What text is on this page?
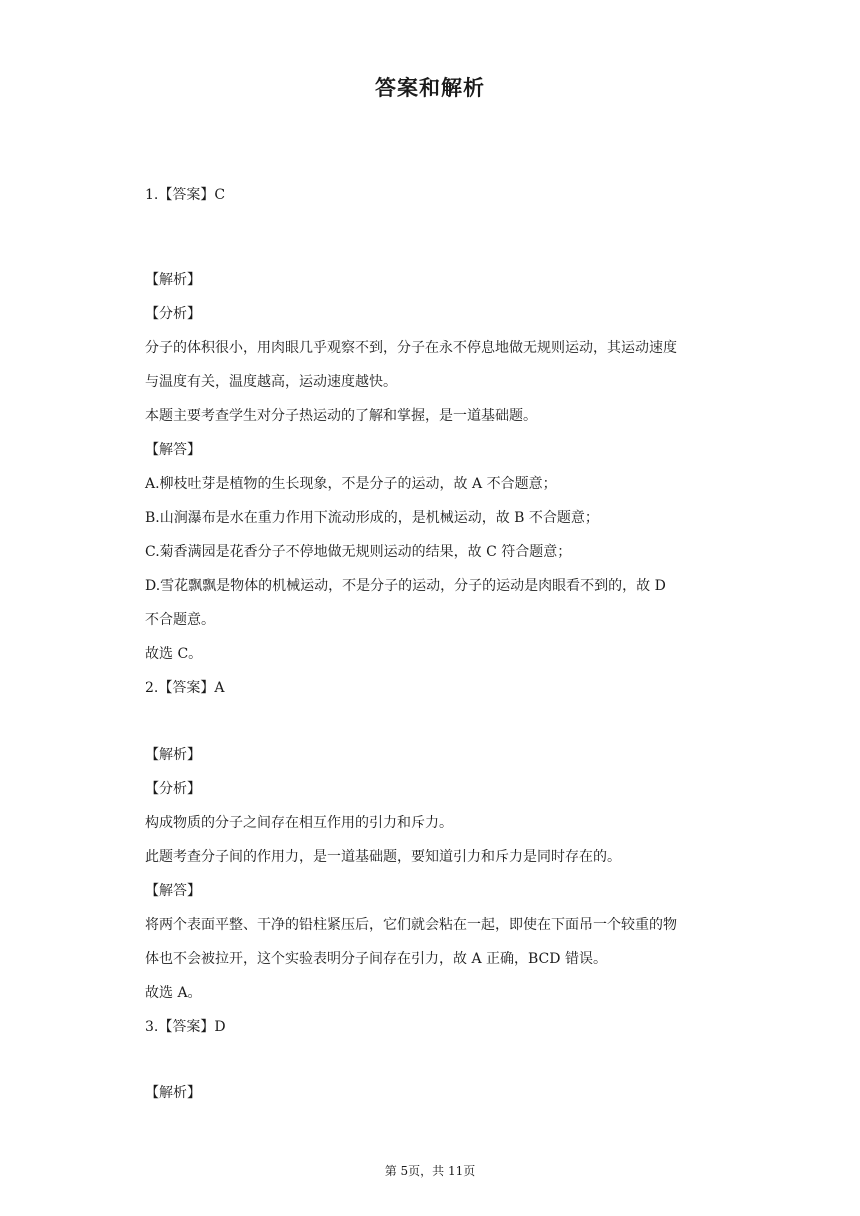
答案和解析
1.【答案】C
【解析】
【分析】
分子的体积很小，用肉眼几乎观察不到，分子在永不停息地做无规则运动，其运动速度
与温度有关，温度越高，运动速度越快。
本题主要考查学生对分子热运动的了解和掌握，是一道基础题。
【解答】
A.柳枝吐芽是植物的生长现象，不是分子的运动，故 A 不合题意；
B.山涧瀑布是水在重力作用下流动形成的，是机械运动，故 B 不合题意；
C.菊香满园是花香分子不停地做无规则运动的结果，故 C 符合题意；
D.雪花飘飘是物体的机械运动，不是分子的运动，分子的运动是肉眼看不到的，故 D
不合题意。
故选 C。
2.【答案】A
【解析】
【分析】
构成物质的分子之间存在相互作用的引力和斥力。
此题考查分子间的作用力，是一道基础题，要知道引力和斥力是同时存在的。
【解答】
将两个表面平整、干净的铅柱紧压后，它们就会粘在一起，即使在下面吊一个较重的物
体也不会被拉开，这个实验表明分子间存在引力，故 A 正确，BCD 错误。
故选 A。
3.【答案】D
【解析】
第 5页，共 11页
